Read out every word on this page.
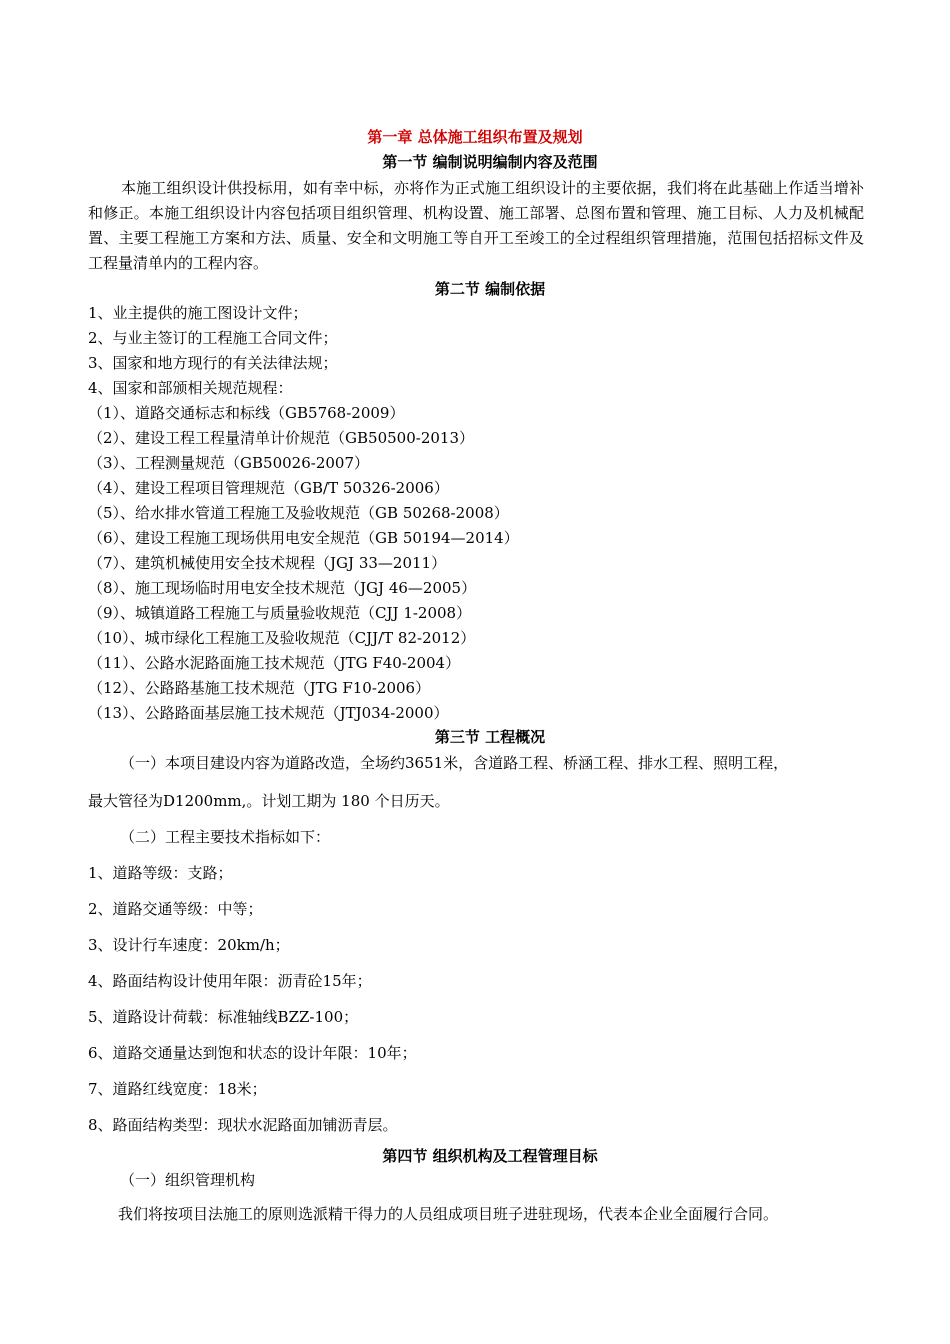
第一章 总体施工组织布置及规划
第一节 编制说明编制内容及范围
本施工组织设计供投标用，如有幸中标，亦将作为正式施工组织设计的主要依据，我们将在此基础上作适当增补和修正。本施工组织设计内容包括项目组织管理、机构设置、施工部署、总图布置和管理、施工目标、人力及机械配置、主要工程施工方案和方法、质量、安全和文明施工等自开工至竣工的全过程组织管理措施，范围包括招标文件及工程量清单内的工程内容。
第二节 编制依据
1、业主提供的施工图设计文件；
2、与业主签订的工程施工合同文件；
3、国家和地方现行的有关法律法规；
4、国家和部颁相关规范规程：
（1）、道路交通标志和标线（GB5768-2009）
（2）、建设工程工程量清单计价规范（GB50500-2013）
（3）、工程测量规范（GB50026-2007）
（4）、建设工程项目管理规范（GB/T 50326-2006）
（5）、给水排水管道工程施工及验收规范（GB 50268-2008）
（6）、建设工程施工现场供用电安全规范（GB 50194—2014）
（7）、建筑机械使用安全技术规程（JGJ 33—2011）
（8）、施工现场临时用电安全技术规范（JGJ 46—2005）
（9）、城镇道路工程施工与质量验收规范（CJJ 1-2008）
（10）、城市绿化工程施工及验收规范（CJJ/T 82-2012）
（11）、公路水泥路面施工技术规范（JTG F40-2004）
（12）、公路路基施工技术规范（JTG F10-2006）
（13）、公路路面基层施工技术规范（JTJ034-2000）
第三节 工程概况
（一）本项目建设内容为道路改造，全场约3651米，含道路工程、桥涵工程、排水工程、照明工程，
最大管径为D1200mm,。计划工期为 180 个日历天。
（二）工程主要技术指标如下：
1、道路等级：支路；
2、道路交通等级：中等；
3、设计行车速度：20km/h；
4、路面结构设计使用年限：沥青砼15年；
5、道路设计荷载：标准轴线BZZ-100；
6、道路交通量达到饱和状态的设计年限：10年；
7、道路红线宽度：18米；
8、路面结构类型：现状水泥路面加铺沥青层。
第四节 组织机构及工程管理目标
（一）组织管理机构
我们将按项目法施工的原则选派精干得力的人员组成项目班子进驻现场，代表本企业全面履行合同。
